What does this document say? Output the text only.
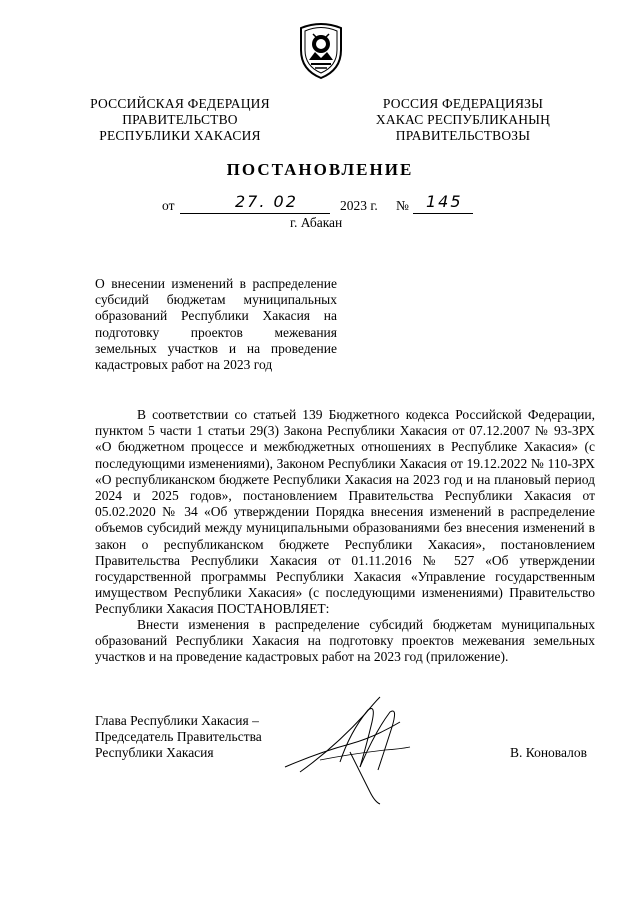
РОССИЙСКАЯ ФЕДЕРАЦИЯ
ПРАВИТЕЛЬСТВО
РЕСПУБЛИКИ ХАКАСИЯ
РОССИЯ ФЕДЕРАЦИЯЗЫ
ХАКАС РЕСПУБЛИКАНЫҢ
ПРАВИТЕЛЬСТВОЗЫ
ПОСТАНОВЛЕНИЕ
от	27. 02	2023 г. № 145
г. Абакан
О внесении изменений в распределение субсидий бюджетам муниципальных образований Республики Хакасия на подготовку проектов межевания земельных участков и на проведение кадастровых работ на 2023 год
В соответствии со статьей 139 Бюджетного кодекса Российской Федерации, пунктом 5 части 1 статьи 29(3) Закона Республики Хакасия от 07.12.2007 № 93-ЗРХ «О бюджетном процессе и межбюджетных отношениях в Республике Хакасия» (с последующими изменениями), Законом Республики Хакасия от 19.12.2022 № 110-ЗРХ «О республиканском бюджете Республики Хакасия на 2023 год и на плановый период 2024 и 2025 годов», постановлением Правительства Республики Хакасия от 05.02.2020 № 34 «Об утверждении Порядка внесения изменений в распределение объемов субсидий между муниципальными образованиями без внесения изменений в закон о республиканском бюджете Республики Хакасия», постановлением Правительства Республики Хакасия от 01.11.2016 № 527 «Об утверждении государственной программы Республики Хакасия «Управление государственным имуществом Республики Хакасия» (с последующими изменениями) Правительство Республики Хакасия ПОСТАНОВЛЯЕТ:
Внести изменения в распределение субсидий бюджетам муниципальных образований Республики Хакасия на подготовку проектов межевания земельных участков и на проведение кадастровых работ на 2023 год (приложение).
Глава Республики Хакасия –
Председатель Правительства
Республики Хакасия	В. Коновалов
